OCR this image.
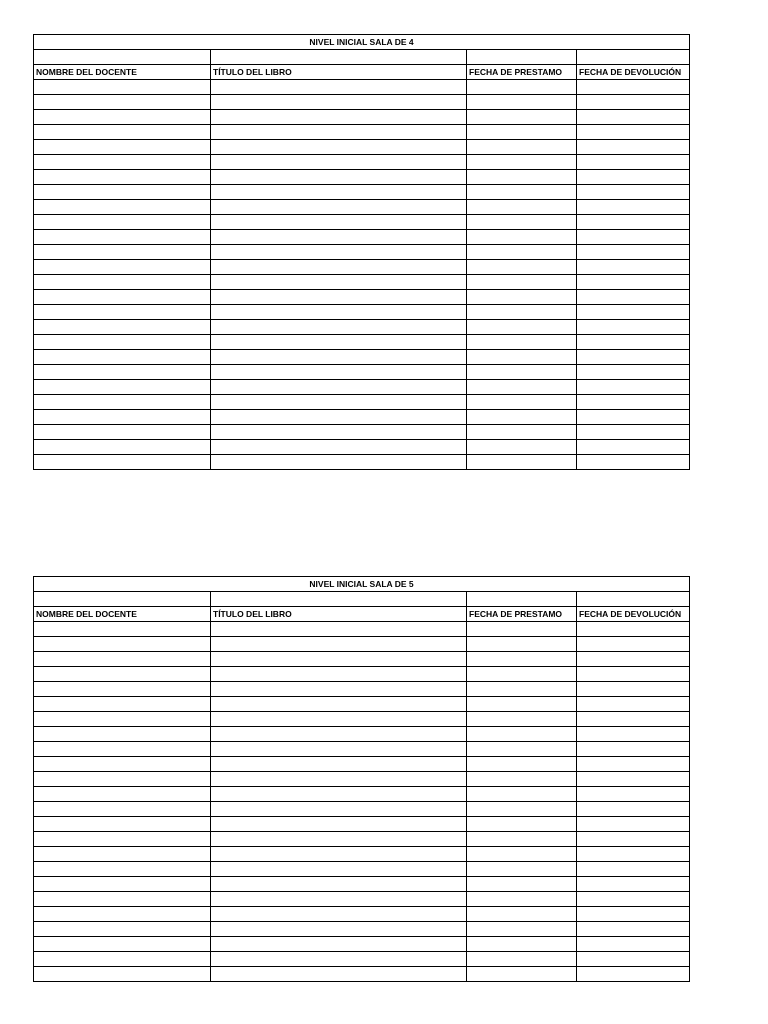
NIVEL INICIAL SALA DE 4			

NOMBRE DEL DOCENTE	TÍTULO DEL LIBRO	FECHA DE PRESTAMO	FECHA DE DEVOLUCIÓN

NIVEL INICIAL SALA DE 5			

NOMBRE DEL DOCENTE	TÍTULO DEL LIBRO	FECHA DE PRESTAMO	FECHA DE DEVOLUCIÓN
